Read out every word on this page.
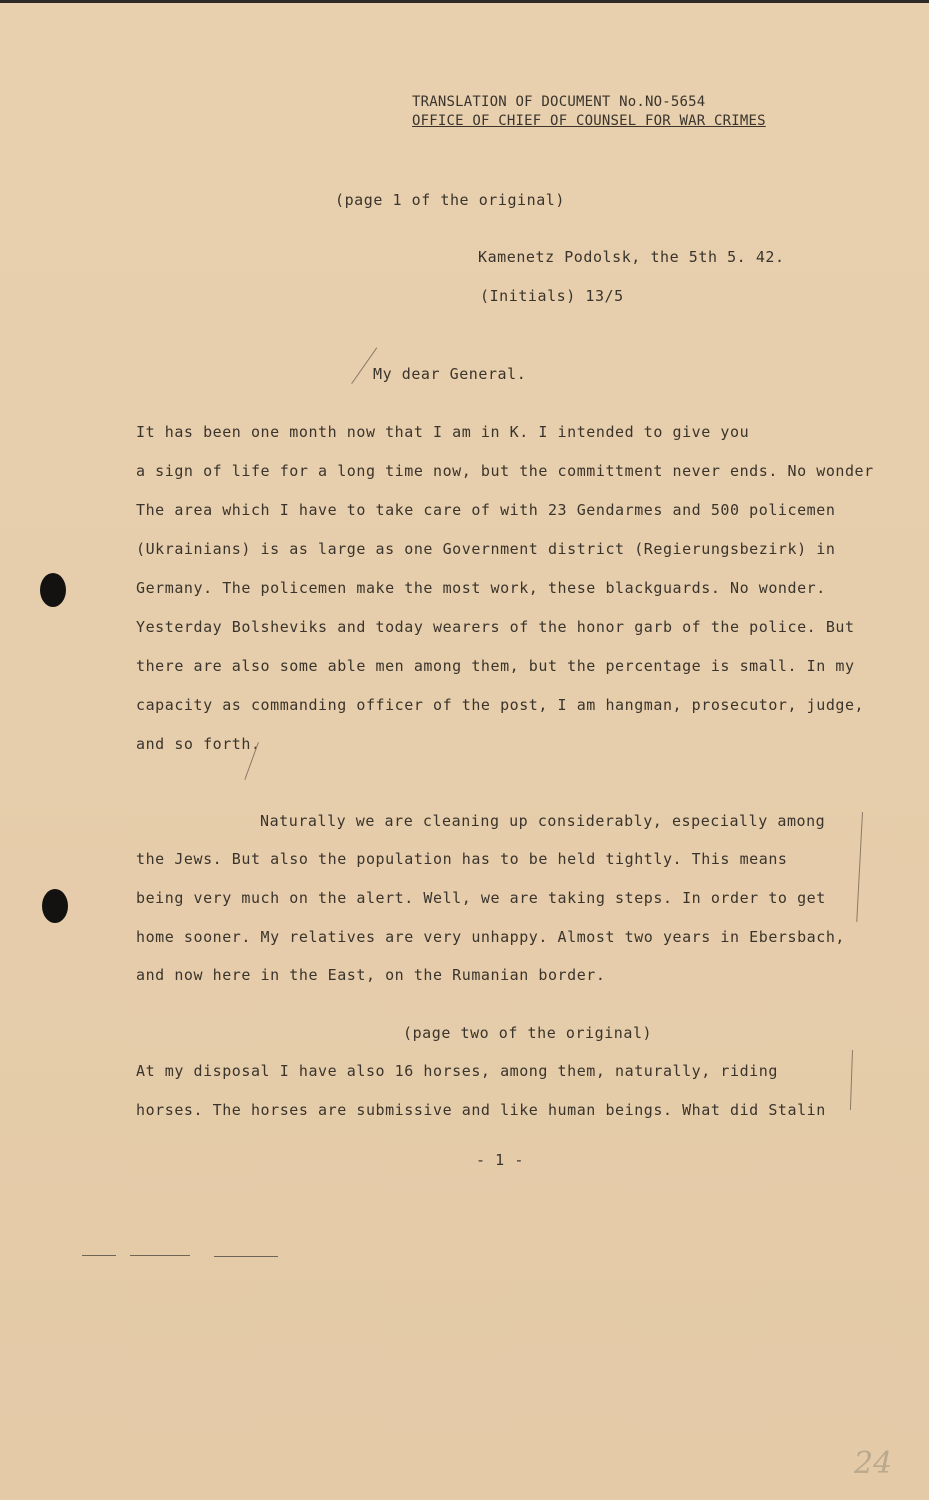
TRANSLATION OF DOCUMENT No.NO-5654
OFFICE OF CHIEF OF COUNSEL FOR WAR CRIMES
(page 1 of the original)
Kamenetz Podolsk, the 5th 5. 42.
(Initials) 13/5
My dear General.
It has been one month now that I am in K. I intended to give you
a sign of life for a long time now, but the committment never ends. No wonder
The area which I have to take care of with 23 Gendarmes and 500 policemen
(Ukrainians) is as large as one Government district (Regierungsbezirk) in
Germany. The policemen make the most work, these blackguards. No wonder.
Yesterday Bolsheviks and today wearers of the honor garb of the police. But
there are also some able men among them, but the percentage is small. In my
capacity as commanding officer of the post, I am hangman, prosecutor, judge,
and so forth.
Naturally we are cleaning up considerably, especially among
the Jews. But also the population has to be held tightly. This means
being very much on the alert. Well, we are taking steps. In order to get
home sooner. My relatives are very unhappy. Almost two years in Ebersbach,
and now here in the East, on the Rumanian border.
(page two of the original)
At my disposal I have also 16 horses, among them, naturally, riding
horses. The horses are submissive and like human beings. What did Stalin
- 1 -
24
